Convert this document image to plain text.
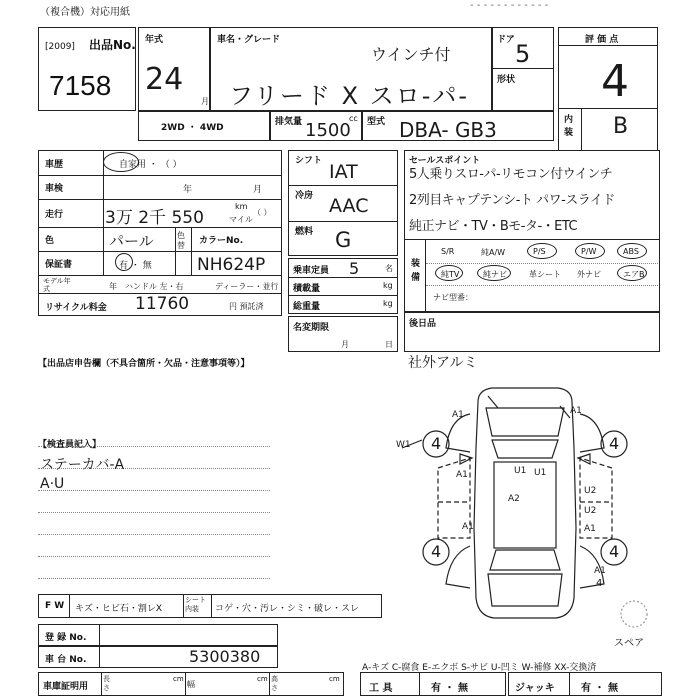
（複合機）対応用紙
- - - - - - - - - - - -
出品No.
[2009]
7158
年式
24
月
車名・グレード
ウインチ付
フリード X スロ-パ-
ドア 5
形状
評 価 点
4
内装 B
2WD ・ 4WD
排気量	cc
1500 型式 DBA- GB3
車歴	自家用 ・ （ ）
車検	年	月
走行 3万 2千 550
km
マイル
（ ）
色	パール	色替	カラーNo.
保証書	有 ・ 無	NH624P
モデル年式	年 ハンドル 左・右	ディーラー・並行
リサイクル料金 11760	円 預託済
シフト IAT
冷房 AAC
燃料 G
乗車定員 5	名
積載量	kg
総重量	kg
名変期限
月	日
セールスポイント
5人乗りスロ-パ-リモコン付ウインチ
2列目キャプテンシ-ト パワ-スライド
純正ナビ・TV・Bモ-タ-・ETC
装備
S/R	純A/W	P/S	P/W	ABS
純TV	純ナビ	革シート 外ナビ	エアB
ナビ型番：
後日品
【出品店申告欄（不具合箇所・欠品・注意事項等）】
【検査員記入】
ステーカバ-A
A·U
社外アルミ
4	4
4	4
A1	A1
U1 U1
A1
U2
A2
U2
A1	A1
W1
A1
4
スペア
F W キズ・ヒビ石・割レX
シート内装	コゲ・穴・汚レ・シミ・破レ・スレ
登 録 No.
車 台 No.	5300380
A-キズ C-腐食 E-エクボ S-サビ U-凹ミ W-補修 XX-交換済
車庫証明用
長さ
cm
幅
cm 高さ
cm
工 具	有 ・ 無	ジャッキ	有 ・ 無
